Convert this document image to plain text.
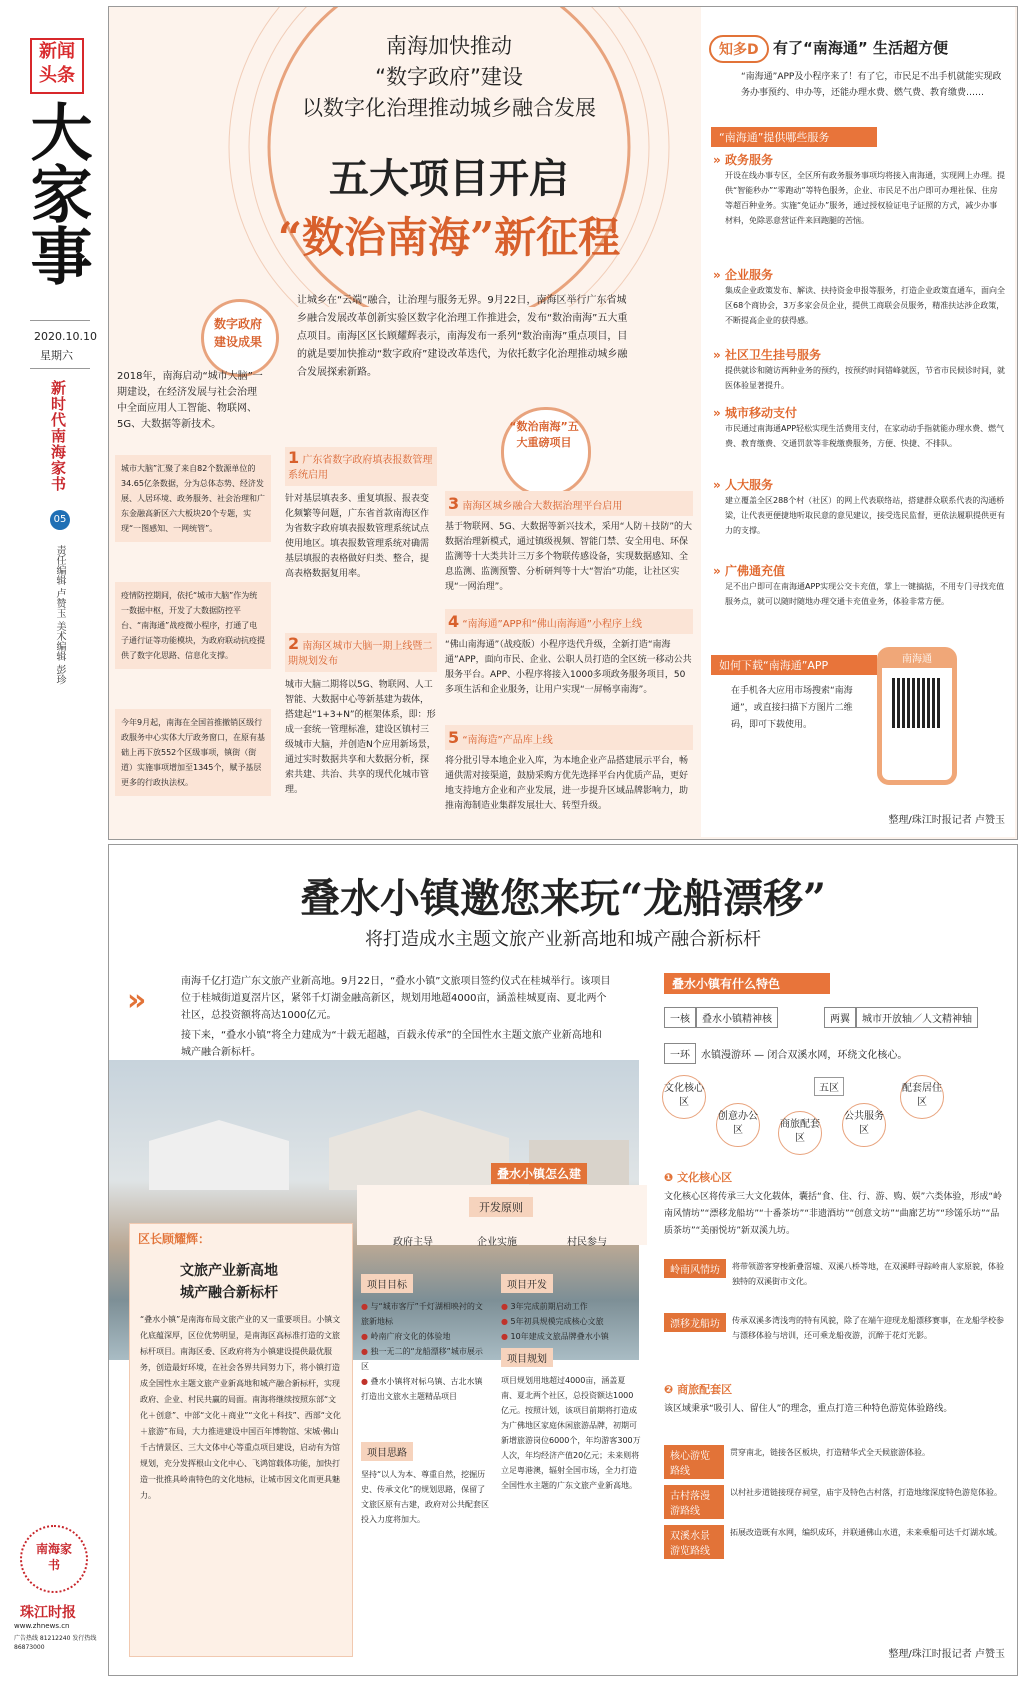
新闻
头条
大家事
2020.10.10
星期六
新时代南海家书
05
责任编辑 卢赞玉 美术编辑 彭珍
南海加快推动
“数字政府”建设
以数字化治理推动城乡融合发展
五大项目开启
“数治南海”新征程
让城乡在“云端”融合，让治理与服务无界。9月22日，南海区举行广东省城乡融合发展改革创新实验区数字化治理工作推进会，发布“数治南海”五大重点项目。南海区区长顾耀辉表示，南海发布一系列“数治南海”重点项目，目的就是要加快推动“数字政府”建设改革迭代，为依托数字化治理推动城乡融合发展探索新路。
数字政府建设成果
2018年，南海启动“城市大脑”一期建设，在经济发展与社会治理中全面应用人工智能、物联网、5G、大数据等新技术。
城市大脑”汇聚了来自82个数源单位的34.65亿条数据，分为总体态势、经济发展、人居环境、政务服务、社会治理和广东金融高新区六大板块20个专题，实现“一图感知、一网统管”。
疫情防控期间，依托“城市大脑”作为统一数据中枢，开发了大数据防控平台、“南海通”战疫微小程序，打通了电子通行证等功能模块，为政府联动抗疫提供了数字化思路、信息化支撑。
今年9月起，南海在全国首推撤销区级行政服务中心实体大厅政务窗口，在原有基础上再下放552个区级事项，镇街（街道）实施事项增加至1345个，赋予基层更多的行政执法权。
“数治南海”五大重磅项目
1 广东省数字政府填表报数管理系统启用

针对基层填表多、重复填报、报表变化频繁等问题，广东省首款南海区作为省数字政府填表报数管理系统试点使用地区。填表报数管理系统对确需基层填报的表格做好归类、整合，提高表格数据复用率。

2 南海区城市大脑一期上线暨二期规划发布

城市大脑二期将以5G、物联网、人工智能、大数据中心等新基建为载体，搭建起“1+3+N”的框架体系，即：形成一套统一管理标准，建设区镇村三级城市大脑，并创造N个应用新场景，通过实时数据共享和大数据分析，探索共建、共治、共享的现代化城市管理。

3 南海区城乡融合大数据治理平台启用

基于物联网、5G、大数据等新兴技术，采用“人防＋技防”的大数据治理新模式，通过镇级视频、智能门禁、安全用电、环保监测等十大类共计三万多个物联传感设备，实现数据感知、全息监测、监测预警、分析研判等十大“智治”功能，让社区实现“一网治理”。

4 “南海通”APP和“佛山南海通”小程序上线

“佛山南海通”（战疫版）小程序迭代升级，全新打造“南海通”APP，面向市民、企业、公职人员打造的全区统一移动公共服务平台。APP、小程序将接入1000多项政务服务项目，50多项生活和企业服务，让用户实现“一屏畅享南海”。

5 “南海造”产品库上线

将分批引导本地企业入库，为本地企业产品搭建展示平台，畅通供需对接渠道，鼓励采购方优先选择平台内优质产品，更好地支持地方企业和产业发展，进一步提升区域品牌影响力，助推南海制造业集群发展壮大、转型升级。

知多D 有了“南海通” 生活超方便

“南海通”APP及小程序来了！有了它，市民足不出手机就能实现政务办事预约、申办等，还能办理水费、燃气费、教育缴费……

“南海通”提供哪些服务
» 政务服务

开设在线办事专区，全区所有政务服务事项均将接入南海通，实现网上办理。提供“智能秒办”“零跑动”等特色服务，企业、市民足不出户即可办理社保、住房等超百种业务。实施“免证办”服务，通过授权验证电子证照的方式，减少办事材料，免除恶意营证件来回跑腿的苦恼。

» 企业服务

集成企业政策发布、解读、扶持资金申报等服务，打造企业政策直通车，面向全区68个商协会，3万多家会员企业，提供工商联会员服务，精准扶达涉企政策，不断提高企业的获得感。

» 社区卫生挂号服务

提供就诊和随访两种业务的预约，按预约时间错峰就医，节省市民候诊时间，就医体验显著提升。

» 城市移动支付

市民通过南海通APP轻松实现生活费用支付，在家动动手指就能办理水费、燃气费、教育缴费、交通罚款等非税缴费服务，方便、快捷、不排队。

» 人大服务

建立覆盖全区288个村（社区）的网上代表联络站，搭建群众联系代表的沟通桥梁，让代表更便捷地听取民意的意见建议，接受选民监督，更依法履职提供更有力的支撑。

» 广佛通充值

足不出户即可在南海通APP实现公交卡充值，掌上一键搞掂，不用专门寻找充值服务点，就可以随时随地办理交通卡充值业务，体验非常方便。

如何下载“南海通”APP

在手机各大应用市场搜索“南海通”，或直接扫描下方图片二维码，即可下载使用。

南海通
整理/珠江时报记者 卢赞玉
叠水小镇邀您来玩“龙船漂移”
将打造成水主题文旅产业新高地和城产融合新标杆
»

南海千亿打造广东文旅产业新高地。9月22日，“叠水小镇”文旅项目签约仪式在桂城举行。该项目位于桂城街道夏滘片区，紧邻千灯湖金融高新区，规划用地超4000亩，涵盖桂城夏南、夏北两个社区，总投资额将高达1000亿元。

接下来，“叠水小镇”将全力建成为“十载无超越，百载永传承”的全国性水主题文旅产业新高地和城产融合新标杆。

叠水小镇怎么建
开发原则
政府主导	企业实施	村民参与
区长顾耀辉：
文旅产业新高地
城产融合新标杆

“叠水小镇”是南海布局文旅产业的又一重要项目。小镇文化底蕴深厚，区位优势明显，是南海区高标准打造的文旅标杆项目。南海区委、区政府将为小镇建设提供最优服务，创造最好环境，在社会各界共同努力下，将小镇打造成全国性水主题文旅产业新高地和城产融合新标杆，实现政府、企业、村民共赢的局面。南海将继续按照东部“文化＋创意”、中部“文化＋商业”“文化＋科技”、西部“文化＋旅游”布局，大力推进建设中国百年博物馆、宋城·佛山千古情景区、三大文体中心等重点项目建设，启动有为馆规划，充分发挥根山文化中心、飞鸿馆载体功能，加快打造一批推具岭南特色的文化地标，让城市因文化而更具魅力。

项目目标
● 与“城市客厅”千灯湖相映衬的文旅新地标
● 岭南广府文化的体验地
● 独一无二的“龙船漂移”城市展示区
● 叠水小镇将对标乌镇、古北水镇打造出文旅水主题精品项目
项目思路

坚持“以人为本、尊重自然，挖掘历史、传承文化”的规划思路，保留了文旅区原有古建，政府对公共配套区投入力度将加大。

项目开发
● 3年完成前期启动工作
● 5年初具规模完成核心文旅
● 10年建成文旅品牌叠水小镇
项目规划

项目规划用地超过4000亩，涵盖夏南、夏北两个社区，总投资额达1000亿元。按照计划，该项目前期将打造成为广佛地区家庭休闲旅游品牌，初期可新增旅游岗位6000个，年均游客300万人次，年均经济产值20亿元；未来则将立足粤港澳，辐射全国市场，全力打造全国性水主题的广东文旅产业新高地。

叠水小镇有什么特色
一核 叠水小镇精神核	两翼 城市开放轴／人文精神轴
一环 水镇漫游环 — 闭合双溪水网，环绕文化核心。
五区
文化核心区
创意办公区
商旅配套区
公共服务区
配套居住区
❶ 文化核心区

文化核心区将传承三大文化载体，囊括“食、住、行、游、购、娱”六类体验，形成“岭南风情坊”“漂移龙船坊”“十番茶坊”“非遗酒坊”“创意文坊”“曲廊艺坊”“珍馐乐坊”“品质茶坊”“美丽悦坊”新双溪九坊。

岭南风情坊	将带领游客穿梭新叠滘墟、双溪八桥等地，在双溪畔寻踪岭南人家原貌，体验独特的双溪街市文化。

漂移龙船坊	传承双溪多湾浅弯的特有风貌，除了在端午迎现龙船漂移赛事，在龙船学校参与漂移体验与培训，还可乘龙船夜游，沉醉于花灯光影。

❷ 商旅配套区

该区域秉承“吸引人、留住人”的理念，重点打造三种特色游览体验路线。

核心游览路线

贯穿南北，链接各区板块，打造精华式全天候旅游体验。

古村落漫游路线

以村社步道链接现存祠堂，庙宇及特色古村落，打造地缘深度特色游览体验。

双溪水景游览路线

拓展改造既有水网，编织成环，并联通佛山水道，未来乘船可达千灯湖水域。

整理/珠江时报记者 卢赞玉
南海家书
珠江时报
www.zhnews.cn
广告热线 81212240 发行热线 86873000
